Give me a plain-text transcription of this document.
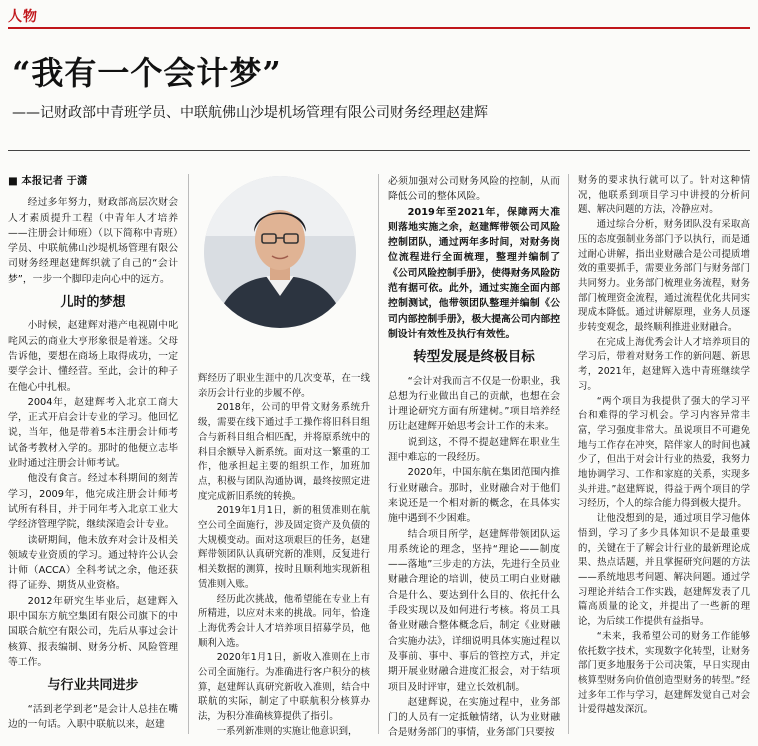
人物
“我有一个会计梦”
——记财政部中青班学员、中联航佛山沙堤机场管理有限公司财务经理赵建辉
■ 本报记者 于潇

经过多年努力，财政部高层次财会人才素质提升工程（中青年人才培养——注册会计师班）（以下简称中青班）学员、中联航佛山沙堤机场管理有限公司财务经理赵建辉织就了自己的“会计梦”，一步一个脚印走向心中的远方。

儿时的梦想

小时候，赵建辉对港产电视剧中叱咤风云的商业大亨形象很是着迷。父母告诉他，要想在商场上取得成功，一定要学会计、懂经营。至此，会计的种子在他心中扎根。

2004年，赵建辉考入北京工商大学，正式开启会计专业的学习。他回忆说，当年，他是带着5本注册会计师考试备考教材入学的。那时的他便立志毕业时通过注册会计师考试。

他没有食言。经过本科期间的刻苦学习，2009年，他完成注册会计师考试所有科目，并于同年考入北京工业大学经济管理学院，继续深造会计专业。

读研期间，他未放弃对会计及相关领域专业资质的学习。通过特许公认会计师（ACCA）全科考试之余，他还获得了证券、期货从业资格。

2012年研究生毕业后，赵建辉入职中国东方航空集团有限公司旗下的中国联合航空有限公司，先后从事过会计核算、报表编制、财务分析、风险管理等工作。

与行业共同进步

“活到老学到老”是会计人总挂在嘴边的一句话。入职中联航以来，赵建

辉经历了职业生涯中的几次变革，在一线亲历会计行业的步履不停。

2018年，公司的甲骨文财务系统升级，需要在线下通过手工操作将旧科目组合与新科目组合相匹配，并将原系统中的科目余额导入新系统。面对这一繁重的工作，他承担起主要的组织工作，加班加点，积极与团队沟通协调，最终按照定进度完成新旧系统的转换。

2019年1月1日，新的租赁准则在航空公司全面施行，涉及固定资产及负债的大规模变动。面对这项艰巨的任务，赵建辉带领团队认真研究新的准则，反复进行相关数据的测算，按时且顺利地实现新租赁准则入账。

经历此次挑战，他希望能在专业上有所精进，以应对未来的挑战。同年，恰逢上海优秀会计人才培养项目招募学员，他顺利入选。

2020年1月1日，新收入准则在上市公司全面施行。为准确进行客户积分的核算，赵建辉认真研究新收入准则，结合中联航的实际，制定了中联航积分核算办法，为积分准确核算提供了指引。

一系列新准则的实施让他意识到，

必须加强对公司财务风险的控制，从而降低公司的整体风险。

2019年至2021年，保障两大准则落地实施之余，赵建辉带领公司风险控制团队，通过两年多时间，对财务岗位流程进行全面梳理，整理并编制了《公司风险控制手册》，使得财务风险防范有据可依。此外，通过实施全面内部控制测试，他带领团队整理并编制《公司内部控制手册》，极大提高公司内部控制设计有效性及执行有效性。

转型发展是终极目标

“会计对我而言不仅是一份职业，我总想为行业做出自己的贡献，也想在会计理论研究方面有所建树。”项目培养经历让赵建辉开始思考会计工作的未来。

说到这，不得不提赵建辉在职业生涯中难忘的一段经历。

2020年，中国东航在集团范围内推行业财融合。那时，业财融合对于他们来说还是一个相对新的概念，在具体实施中遇到不少困难。

结合项目所学，赵建辉带领团队运用系统论的理念，坚持“理论——制度——落地”三步走的方法，先进行全员业财融合理论的培训，使员工明白业财融合是什么、要达到什么目的、依托什么手段实现以及如何进行考核。将员工具备业财融合整体概念后，制定《业财融合实施办法》，详细说明具体实施过程以及事前、事中、事后的管控方式，并定期开展业财融合进度汇报会，对于结项项目及时评审，建立长效机制。

赵建辉说，在实施过程中，业务部门的人员有一定抵触情绪，认为业财融合是财务部门的事情，业务部门只要按

财务的要求执行就可以了。针对这种情况，他联系到项目学习中讲授的分析问题、解决问题的方法，冷静应对。

通过综合分析，财务团队没有采取高压的态度强制业务部门予以执行，而是通过耐心讲解，指出业财融合是公司提质增效的重要抓手，需要业务部门与财务部门共同努力。业务部门梳理业务流程，财务部门梳理资金流程，通过流程优化共同实现成本降低。通过讲解原理，业务人员逐步转变观念，最终顺利推进业财融合。

在完成上海优秀会计人才培养项目的学习后，带着对财务工作的新问题、新思考，2021年，赵建辉入选中青班继续学习。

“两个项目为我提供了强大的学习平台和难得的学习机会。学习内容异常丰富，学习强度非常大。虽说项目不可避免地与工作存在冲突，陪伴家人的时间也减少了，但出于对会计行业的热爱，我努力地协调学习、工作和家庭的关系，实现多头并进。”赵建辉说，得益于两个项目的学习经历，个人的综合能力得到极大提升。

让他没想到的是，通过项目学习他体悟到，学习了多少具体知识不是最重要的，关键在于了解会计行业的最新理论成果、热点话题，并且掌握研究问题的方法——系统地思考问题、解决问题。通过学习理论并结合工作实践，赵建辉发表了几篇高质量的论文，并提出了一些新的理论，为后续工作提供有益指导。

“未来，我希望公司的财务工作能够依托数字技术，实现数字化转型，让财务部门更多地服务于公司决策，早日实现由核算型财务向价值创造型财务的转型。”经过多年工作与学习，赵建辉发觉自己对会计爱得越发深沉。
